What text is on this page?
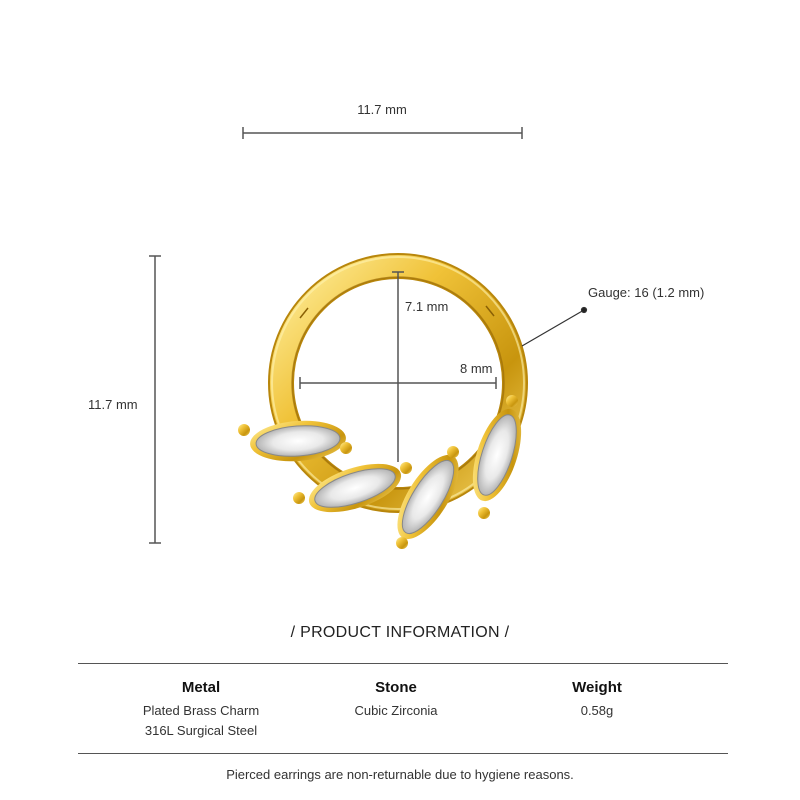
11.7 mm
11.7 mm
7.1 mm
8 mm
Gauge: 16 (1.2 mm)
/ PRODUCT INFORMATION /
Metal
Plated Brass Charm
316L Surgical Steel
Stone
Cubic Zirconia
Weight
0.58g
Pierced earrings are non-returnable due to hygiene reasons.
